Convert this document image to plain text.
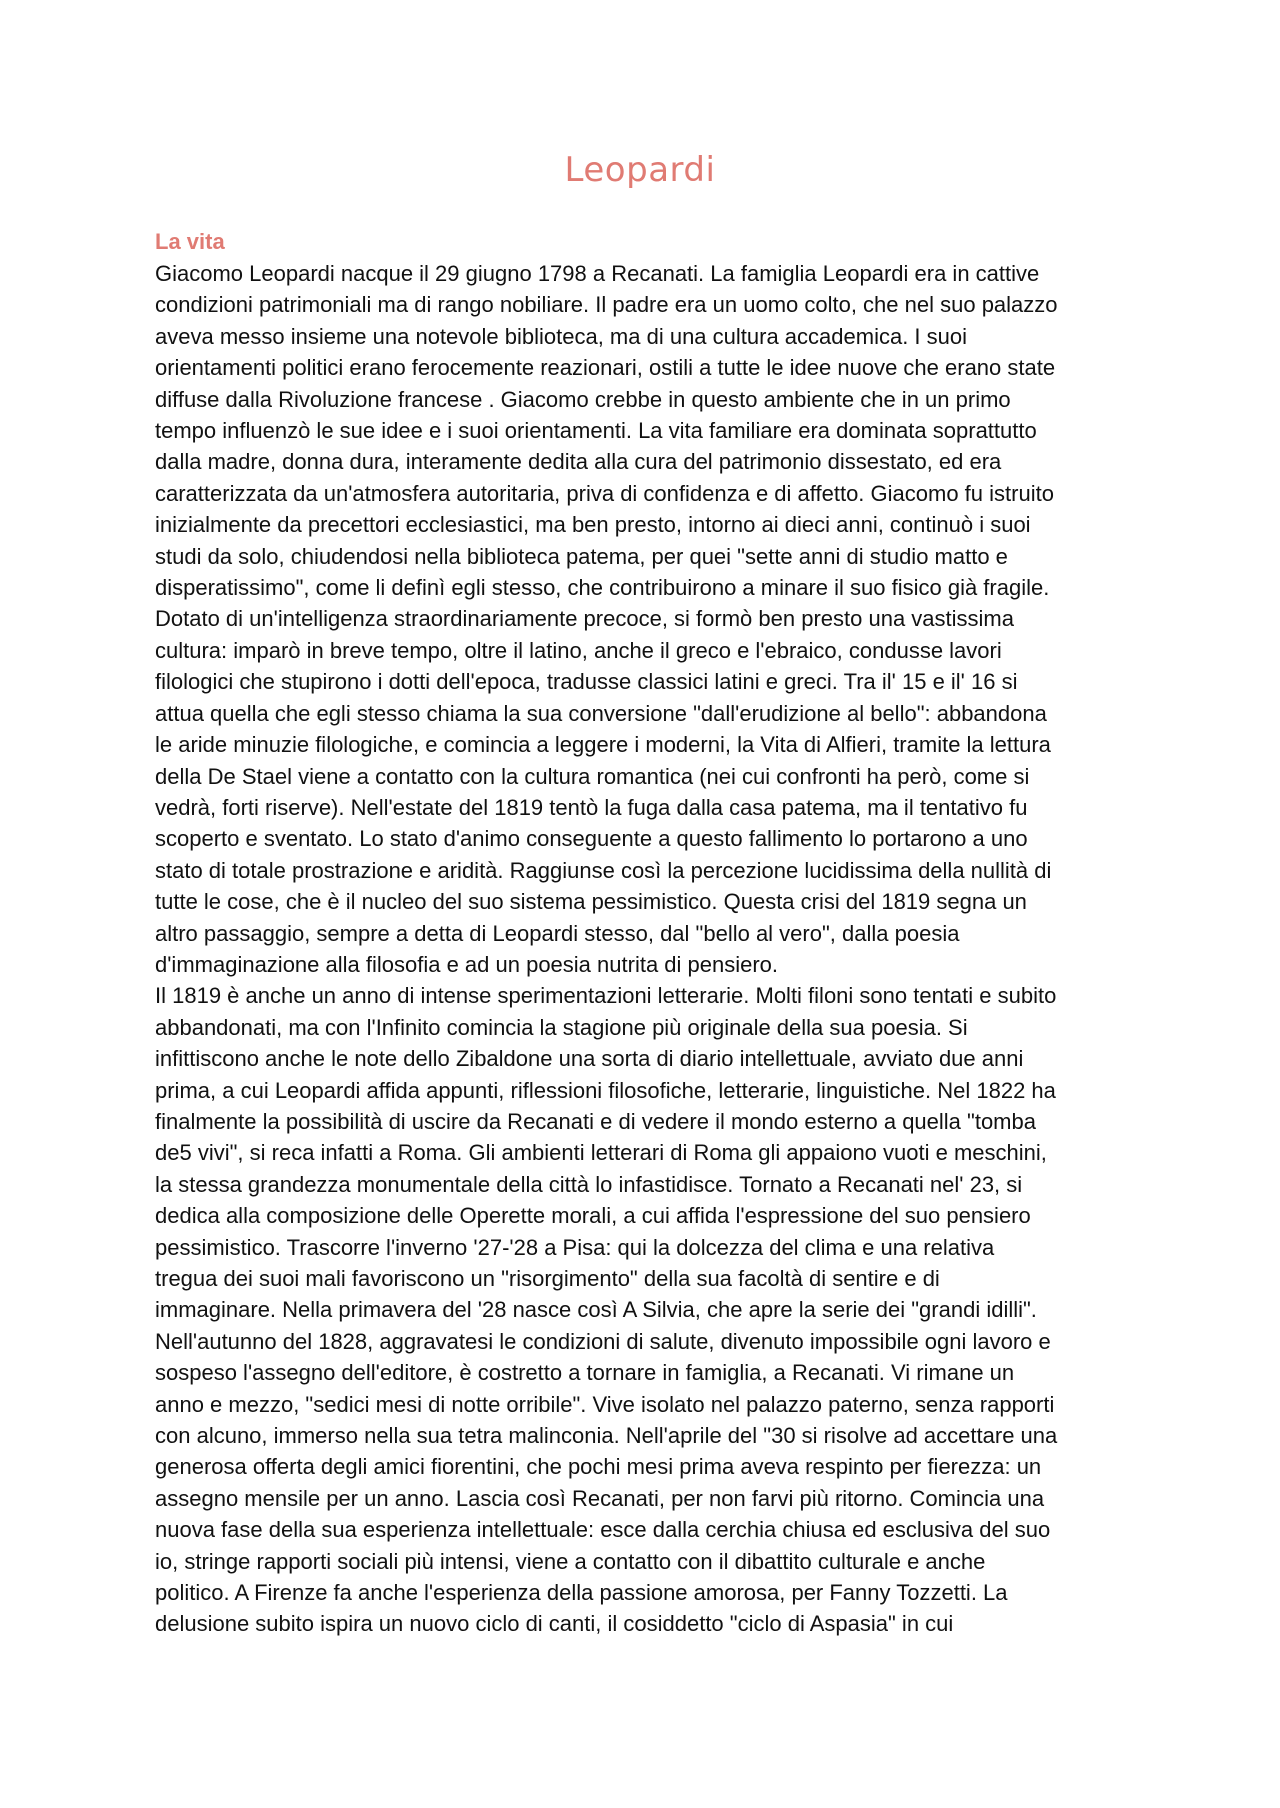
Leopardi
La vita
Giacomo Leopardi nacque il 29 giugno 1798 a Recanati. La famiglia Leopardi era in cattive
condizioni patrimoniali ma di rango nobiliare. Il padre era un uomo colto, che nel suo palazzo
aveva messo insieme una notevole biblioteca, ma di una cultura accademica. I suoi
orientamenti politici erano ferocemente reazionari, ostili a tutte le idee nuove che erano state
diffuse dalla Rivoluzione francese . Giacomo crebbe in questo ambiente che in un primo
tempo influenzò le sue idee e i suoi orientamenti. La vita familiare era dominata soprattutto
dalla madre, donna dura, interamente dedita alla cura del patrimonio dissestato, ed era
caratterizzata da un'atmosfera autoritaria, priva di confidenza e di affetto. Giacomo fu istruito
inizialmente da precettori ecclesiastici, ma ben presto, intorno ai dieci anni, continuò i suoi
studi da solo, chiudendosi nella biblioteca patema, per quei "sette anni di studio matto e
disperatissimo", come li definì egli stesso, che contribuirono a minare il suo fisico già fragile.
Dotato di un'intelligenza straordinariamente precoce, si formò ben presto una vastissima
cultura: imparò in breve tempo, oltre il latino, anche il greco e l'ebraico, condusse lavori
filologici che stupirono i dotti dell'epoca, tradusse classici latini e greci. Tra il' 15 e il' 16 si
attua quella che egli stesso chiama la sua conversione "dall'erudizione al bello": abbandona
le aride minuzie filologiche, e comincia a leggere i moderni, la Vita di Alfieri, tramite la lettura
della De Stael viene a contatto con la cultura romantica (nei cui confronti ha però, come si
vedrà, forti riserve). Nell'estate del 1819 tentò la fuga dalla casa patema, ma il tentativo fu
scoperto e sventato. Lo stato d'animo conseguente a questo fallimento lo portarono a uno
stato di totale prostrazione e aridità. Raggiunse così la percezione lucidissima della nullità di
tutte le cose, che è il nucleo del suo sistema pessimistico. Questa crisi del 1819 segna un
altro passaggio, sempre a detta di Leopardi stesso, dal "bello al vero", dalla poesia
d'immaginazione alla filosofia e ad un poesia nutrita di pensiero.
Il 1819 è anche un anno di intense sperimentazioni letterarie. Molti filoni sono tentati e subito
abbandonati, ma con l'Infinito comincia la stagione più originale della sua poesia. Si
infittiscono anche le note dello Zibaldone una sorta di diario intellettuale, avviato due anni
prima, a cui Leopardi affida appunti, riflessioni filosofiche, letterarie, linguistiche. Nel 1822 ha
finalmente la possibilità di uscire da Recanati e di vedere il mondo esterno a quella "tomba
de5 vivi", si reca infatti a Roma. Gli ambienti letterari di Roma gli appaiono vuoti e meschini,
la stessa grandezza monumentale della città lo infastidisce. Tornato a Recanati nel' 23, si
dedica alla composizione delle Operette morali, a cui affida l'espressione del suo pensiero
pessimistico. Trascorre l'inverno '27-'28 a Pisa: qui la dolcezza del clima e una relativa
tregua dei suoi mali favoriscono un "risorgimento" della sua facoltà di sentire e di
immaginare. Nella primavera del '28 nasce così A Silvia, che apre la serie dei "grandi idilli".
Nell'autunno del 1828, aggravatesi le condizioni di salute, divenuto impossibile ogni lavoro e
sospeso l'assegno dell'editore, è costretto a tornare in famiglia, a Recanati. Vi rimane un
anno e mezzo, "sedici mesi di notte orribile". Vive isolato nel palazzo paterno, senza rapporti
con alcuno, immerso nella sua tetra malinconia. Nell'aprile del "30 si risolve ad accettare una
generosa offerta degli amici fiorentini, che pochi mesi prima aveva respinto per fierezza: un
assegno mensile per un anno. Lascia così Recanati, per non farvi più ritorno. Comincia una
nuova fase della sua esperienza intellettuale: esce dalla cerchia chiusa ed esclusiva del suo
io, stringe rapporti sociali più intensi, viene a contatto con il dibattito culturale e anche
politico. A Firenze fa anche l'esperienza della passione amorosa, per Fanny Tozzetti. La
delusione subito ispira un nuovo ciclo di canti, il cosiddetto "ciclo di Aspasia" in cui
